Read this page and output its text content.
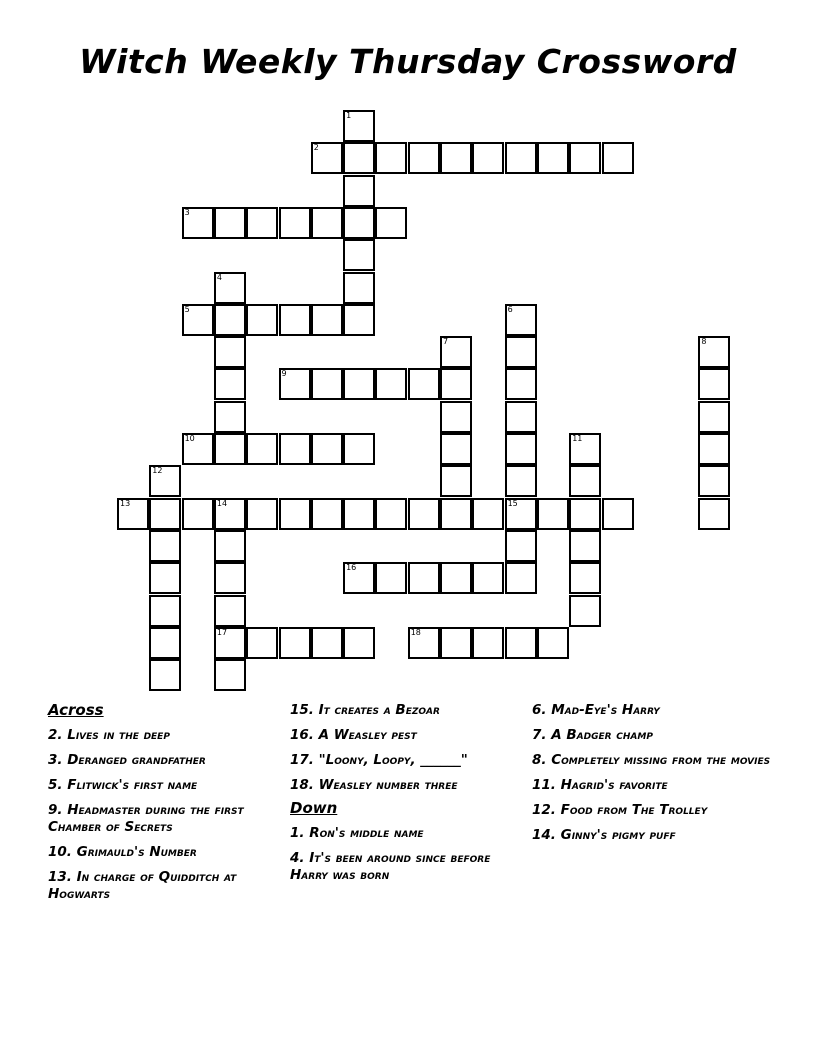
Witch Weekly Thursday Crossword
1
2
3
4
5	6
15
7	8
9
10	11
12
13	14
17
16
18
Across
2. Lives in the deep
3. Deranged grandfather
5. Flitwick's first name
9. Headmaster during the first Chamber of Secrets
10. Grimauld's Number
13. In charge of Quidditch at Hogwarts
15. It creates a Bezoar
16. A Weasley pest
17. "Loony, Loopy, ______"
18. Weasley number three
Down
1. Ron's middle name
4. It's been around since before Harry was born
6. Mad-Eye's Harry
7. A Badger champ
8. Completely missing from the movies
11. Hagrid's favorite
12. Food from The Trolley
14. Ginny's pigmy puff
